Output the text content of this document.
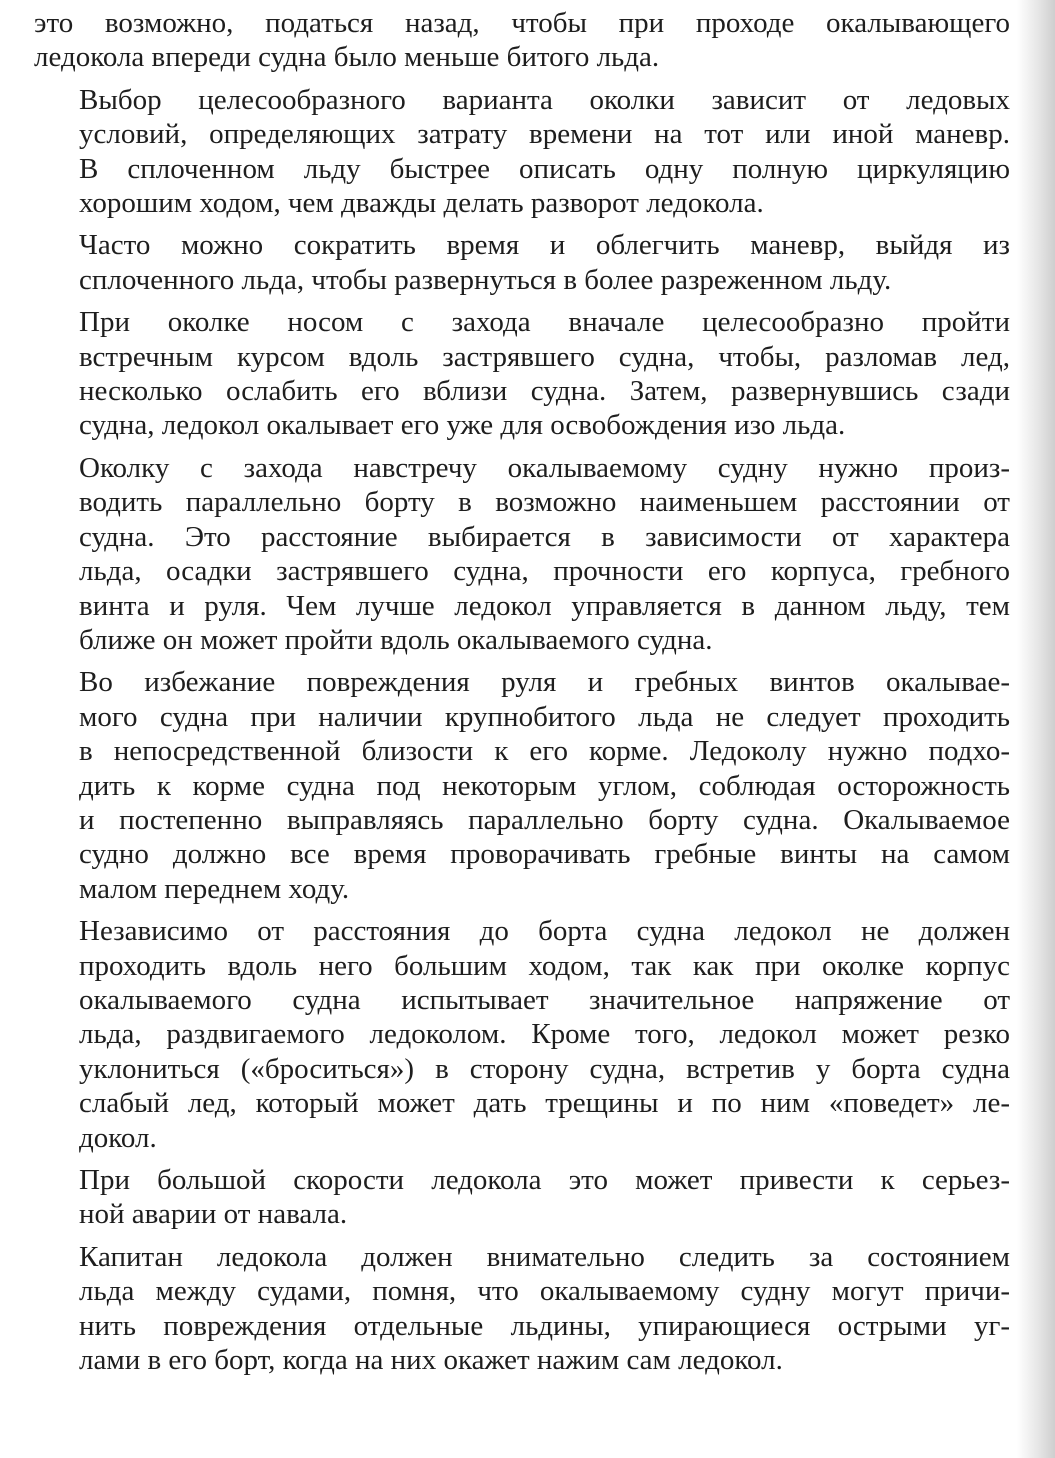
это возможно, податься назад, чтобы при проходе окалывающего
ледокола впереди судна было меньше битого льда.
Выбор целесообразного варианта околки зависит от ледовых
условий, определяющих затрату времени на тот или иной маневр.
В сплоченном льду быстрее описать одну полную циркуляцию
хорошим ходом, чем дважды делать разворот ледокола.
Часто можно сократить время и облегчить маневр, выйдя из
сплоченного льда, чтобы развернуться в более разреженном льду.
При околке носом с захода вначале целесообразно пройти
встречным курсом вдоль застрявшего судна, чтобы, разломав лед,
несколько ослабить его вблизи судна. Затем, развернувшись сзади
судна, ледокол окалывает его уже для освобождения изо льда.
Околку с захода навстречу окалываемому судну нужно произ-
водить параллельно борту в возможно наименьшем расстоянии от
судна. Это расстояние выбирается в зависимости от характера
льда, осадки застрявшего судна, прочности его корпуса, гребного
винта и руля. Чем лучше ледокол управляется в данном льду, тем
ближе он может пройти вдоль окалываемого судна.
Во избежание повреждения руля и гребных винтов окалывае-
мого судна при наличии крупнобитого льда не следует проходить
в непосредственной близости к его корме. Ледоколу нужно подхо-
дить к корме судна под некоторым углом, соблюдая осторожность
и постепенно выправляясь параллельно борту судна. Окалываемое
судно должно все время проворачивать гребные винты на самом
малом переднем ходу.
Независимо от расстояния до борта судна ледокол не должен
проходить вдоль него большим ходом, так как при околке корпус
окалываемого судна испытывает значительное напряжение от
льда, раздвигаемого ледоколом. Кроме того, ледокол может резко
уклониться («броситься») в сторону судна, встретив у борта судна
слабый лед, который может дать трещины и по ним «поведет» ле-
докол.
При большой скорости ледокола это может привести к серьез-
ной аварии от навала.
Капитан ледокола должен внимательно следить за состоянием
льда между судами, помня, что окалываемому судну могут причи-
нить повреждения отдельные льдины, упирающиеся острыми уг-
лами в его борт, когда на них окажет нажим сам ледокол.
